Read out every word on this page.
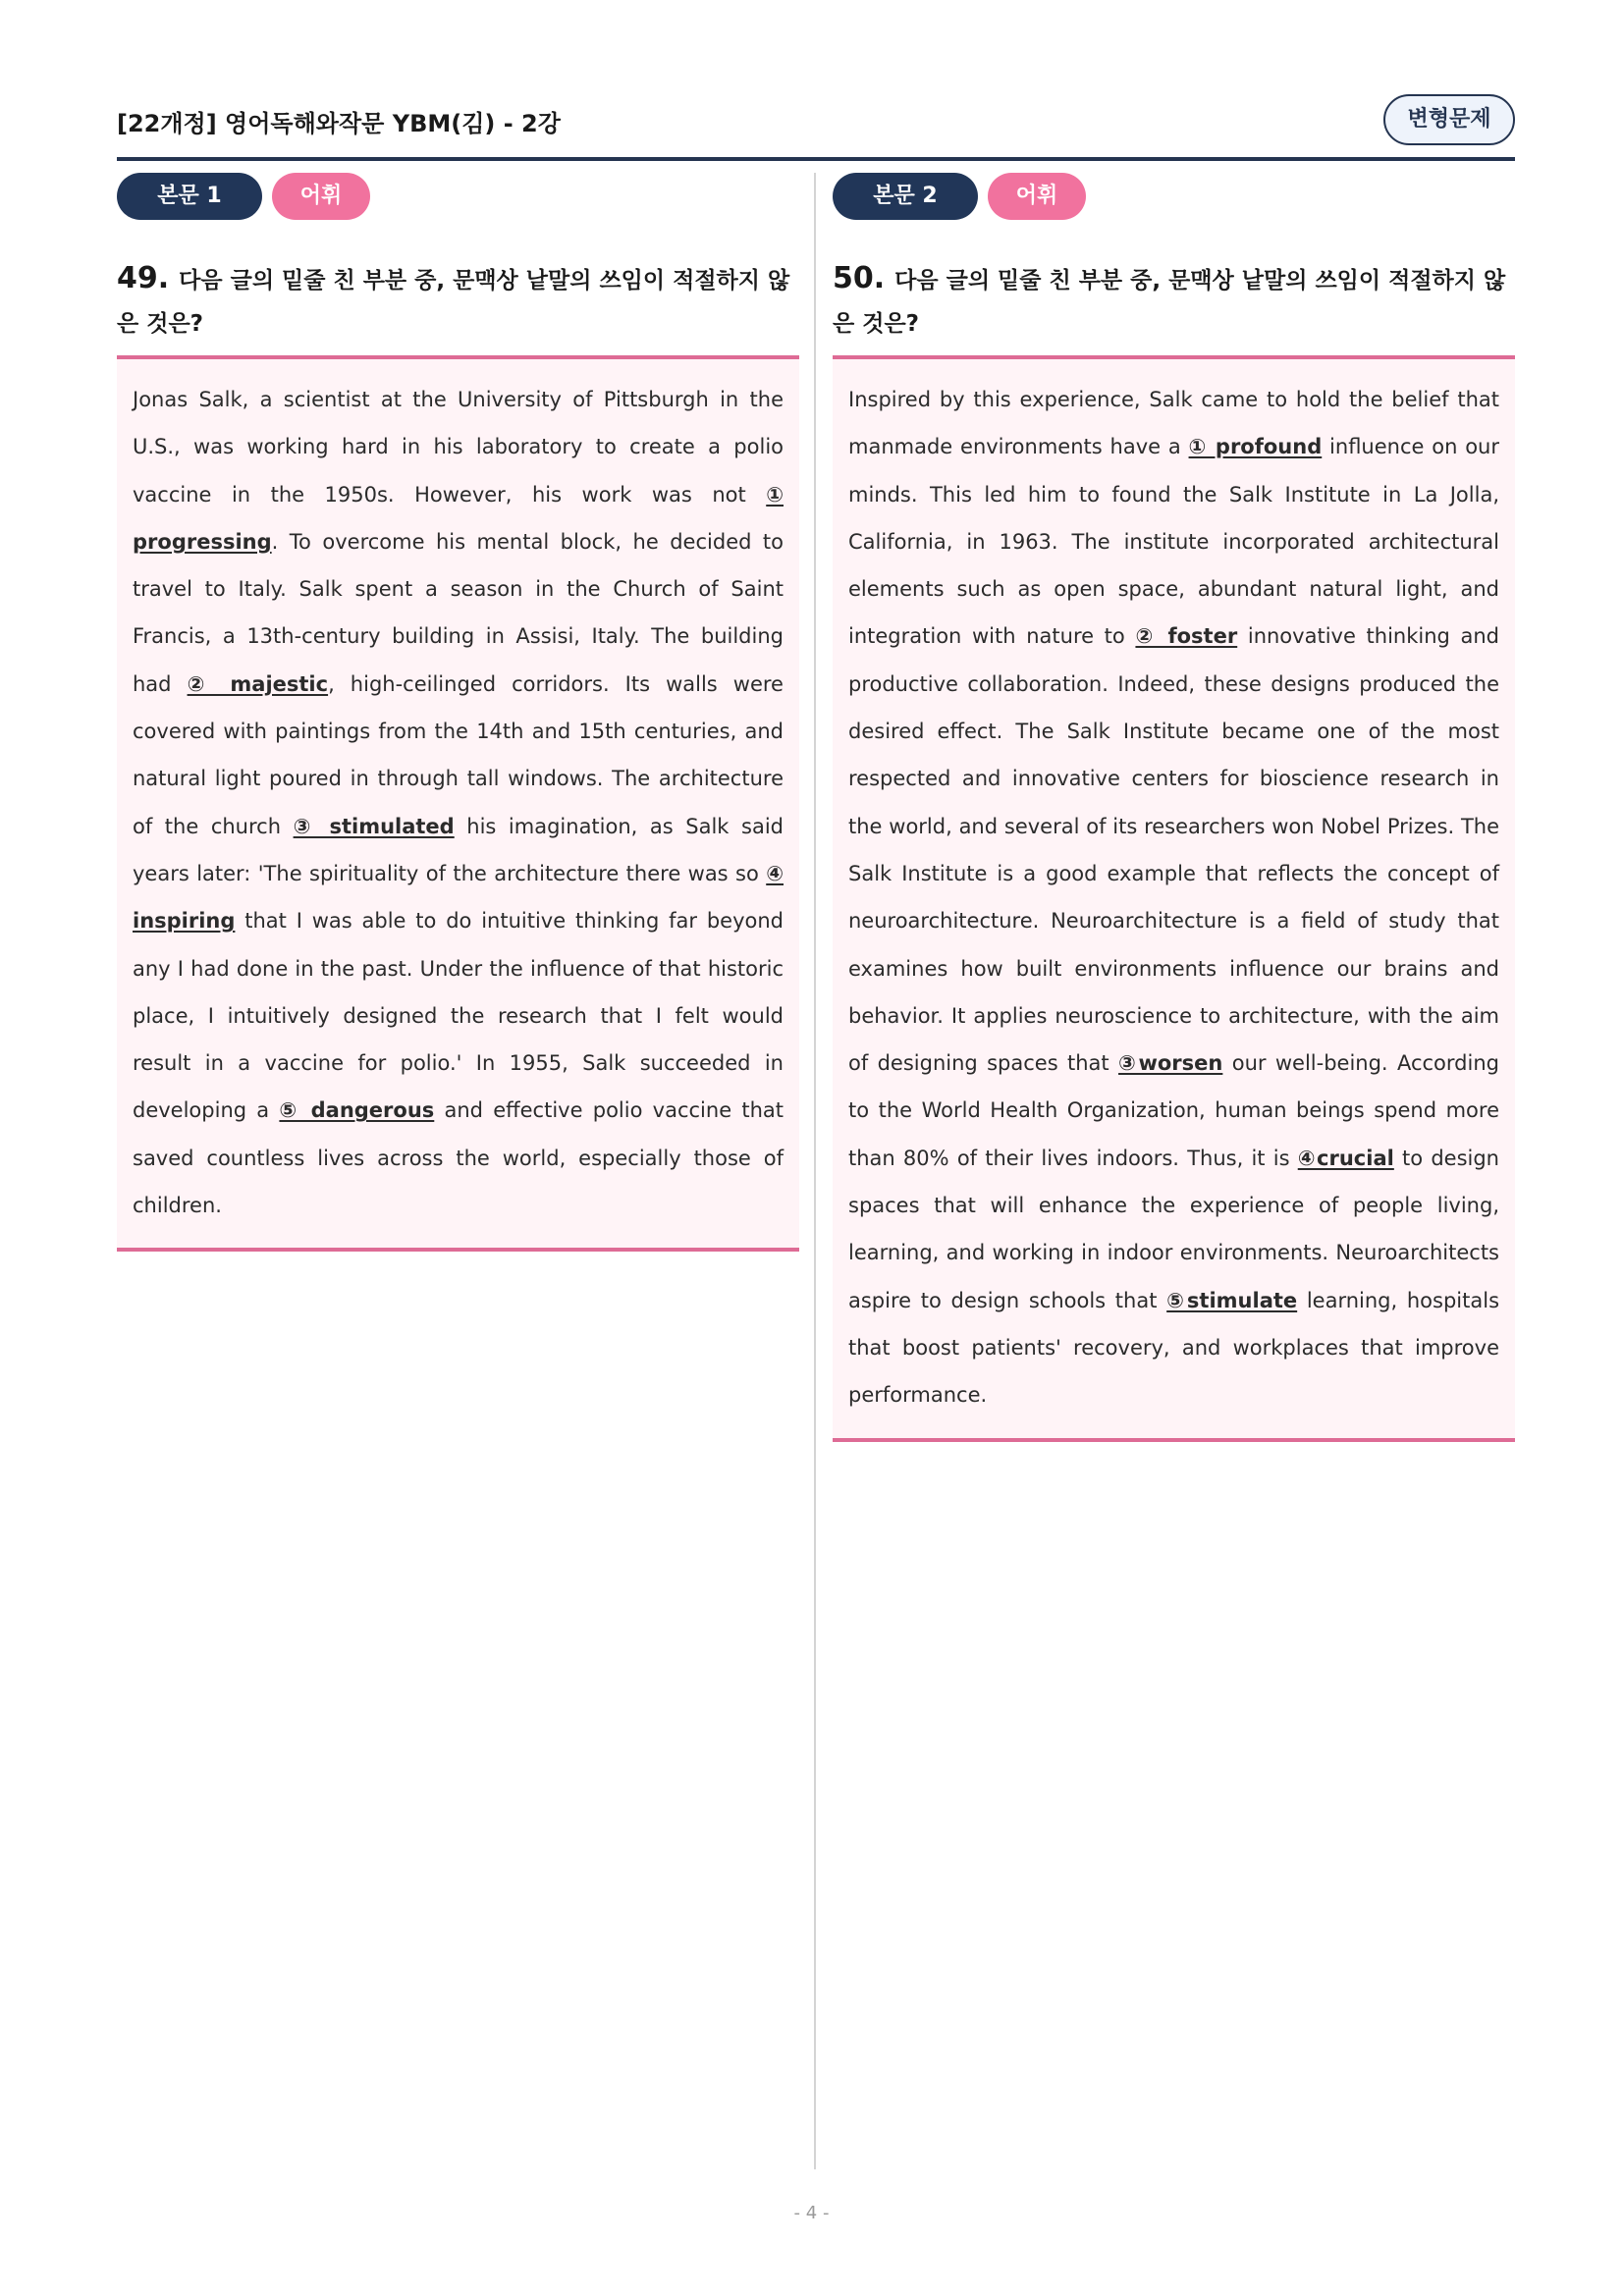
[22개정] 영어독해와작문 YBM(김) - 2강	변형문제
본문 1	어휘
49. 다음 글의 밑줄 친 부분 중, 문맥상 낱말의 쓰임이 적절하지 않은 것은?
Jonas Salk, a scientist at the University of Pittsburgh in the U.S., was working hard in his laboratory to create a polio vaccine in the 1950s. However, his work was not ① progressing. To overcome his mental block, he decided to travel to Italy. Salk spent a season in the Church of Saint Francis, a 13th-century building in Assisi, Italy. The building had ② majestic, high-ceilinged corridors. Its walls were covered with paintings from the 14th and 15th centuries, and natural light poured in through tall windows. The architecture of the church ③ stimulated his imagination, as Salk said years later: 'The spirituality of the architecture there was so ④ inspiring that I was able to do intuitive thinking far beyond any I had done in the past. Under the influence of that historic place, I intuitively designed the research that I felt would result in a vaccine for polio.' In 1955, Salk succeeded in developing a ⑤ dangerous and effective polio vaccine that saved countless lives across the world, especially those of children.
본문 2	어휘
50. 다음 글의 밑줄 친 부분 중, 문맥상 낱말의 쓰임이 적절하지 않은 것은?
Inspired by this experience, Salk came to hold the belief that manmade environments have a ① profound influence on our minds. This led him to found the Salk Institute in La Jolla, California, in 1963. The institute incorporated architectural elements such as open space, abundant natural light, and integration with nature to ② foster innovative thinking and productive collaboration. Indeed, these designs produced the desired effect. The Salk Institute became one of the most respected and innovative centers for bioscience research in the world, and several of its researchers won Nobel Prizes. The Salk Institute is a good example that reflects the concept of neuroarchitecture. Neuroarchitecture is a field of study that examines how built environments influence our brains and behavior. It applies neuroscience to architecture, with the aim of designing spaces that ③worsen our well-being. According to the World Health Organization, human beings spend more than 80% of their lives indoors. Thus, it is ④crucial to design spaces that will enhance the experience of people living, learning, and working in indoor environments. Neuroarchitects aspire to design schools that ⑤stimulate learning, hospitals that boost patients' recovery, and workplaces that improve performance.
- 4 -
